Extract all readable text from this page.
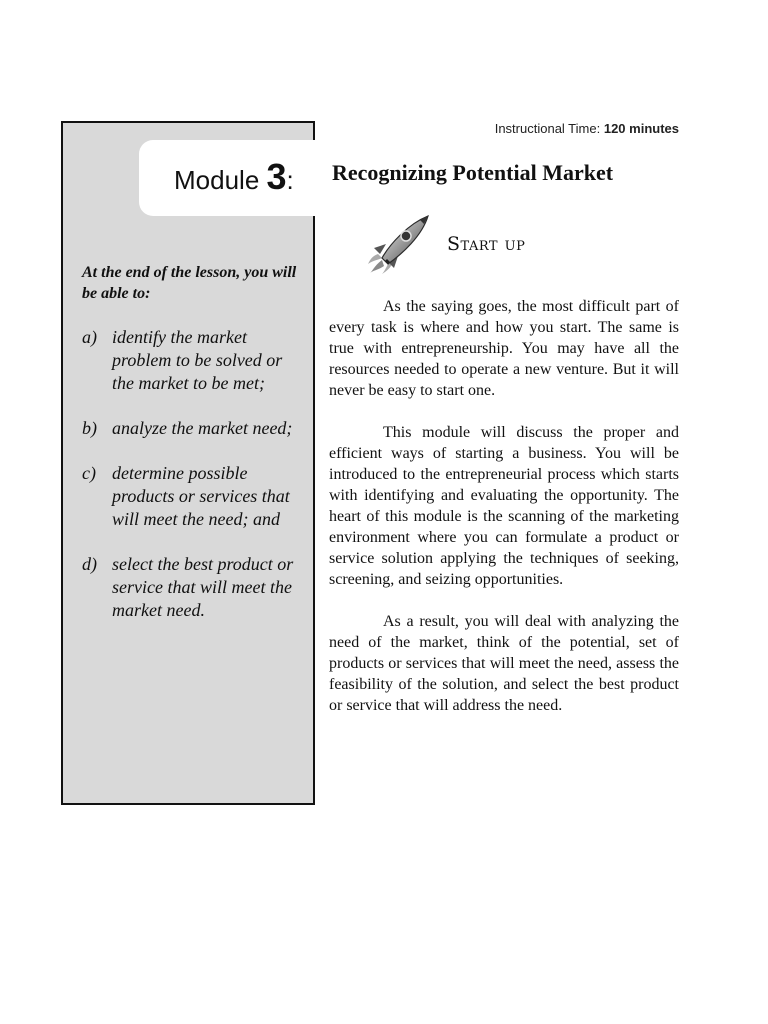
Module 3:
Instructional Time: 120 minutes
Recognizing Potential Market
Start up
At the end of the lesson, you will be able to:
a) identify the market problem to be solved or the market to be met;
b) analyze the market need;
c) determine possible products or services that will meet the need; and
d) select the best product or service that will meet the market need.

As the saying goes, the most difficult part of every task is where and how you start. The same is true with entrepreneurship. You may have all the resources needed to operate a new venture. But it will never be easy to start one.

This module will discuss the proper and efficient ways of starting a business. You will be introduced to the entrepreneurial process which starts with identifying and evaluating the opportunity. The heart of this module is the scanning of the marketing environment where you can formulate a product or service solution applying the techniques of seeking, screening, and seizing opportunities.

As a result, you will deal with analyzing the need of the market, think of the potential, set of products or services that will meet the need, assess the feasibility of the solution, and select the best product or service that will address the need.
